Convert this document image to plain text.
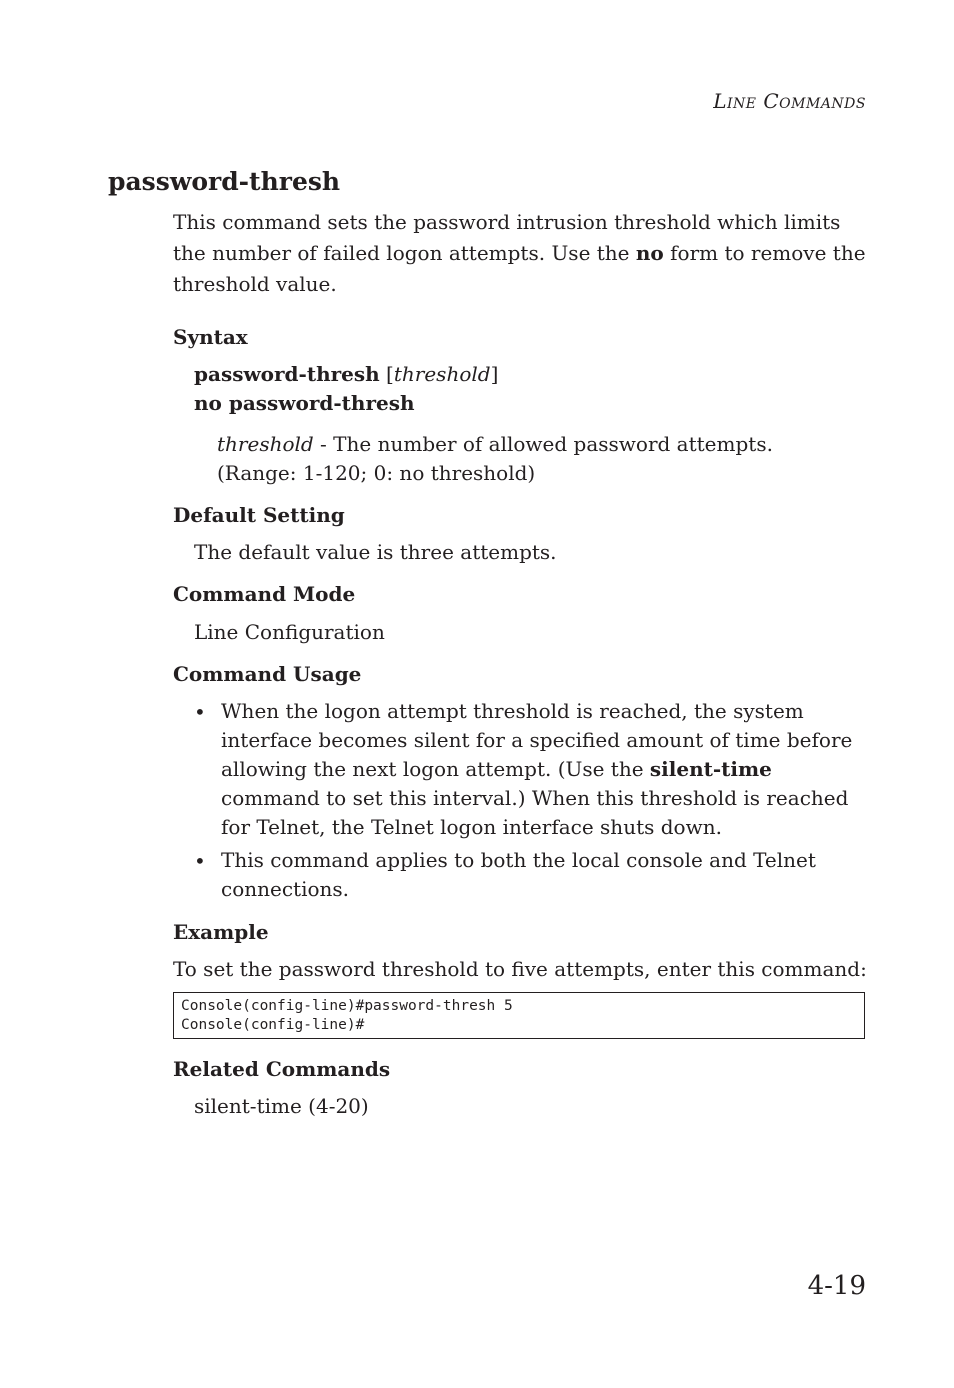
Line Commands
password-thresh
This command sets the password intrusion threshold which limits the number of failed logon attempts. Use the no form to remove the threshold value.
Syntax
password-thresh [threshold]
no password-thresh
threshold - The number of allowed password attempts.
(Range: 1-120; 0: no threshold)
Default Setting
The default value is three attempts.
Command Mode
Line Configuration
Command Usage
• When the logon attempt threshold is reached, the system interface becomes silent for a specified amount of time before allowing the next logon attempt. (Use the silent-time command to set this interval.) When this threshold is reached for Telnet, the Telnet logon interface shuts down.
• This command applies to both the local console and Telnet connections.
Example
To set the password threshold to five attempts, enter this command:
Console(config-line)#password-thresh 5
Console(config-line)#
Related Commands
silent-time (4-20)
4-19
